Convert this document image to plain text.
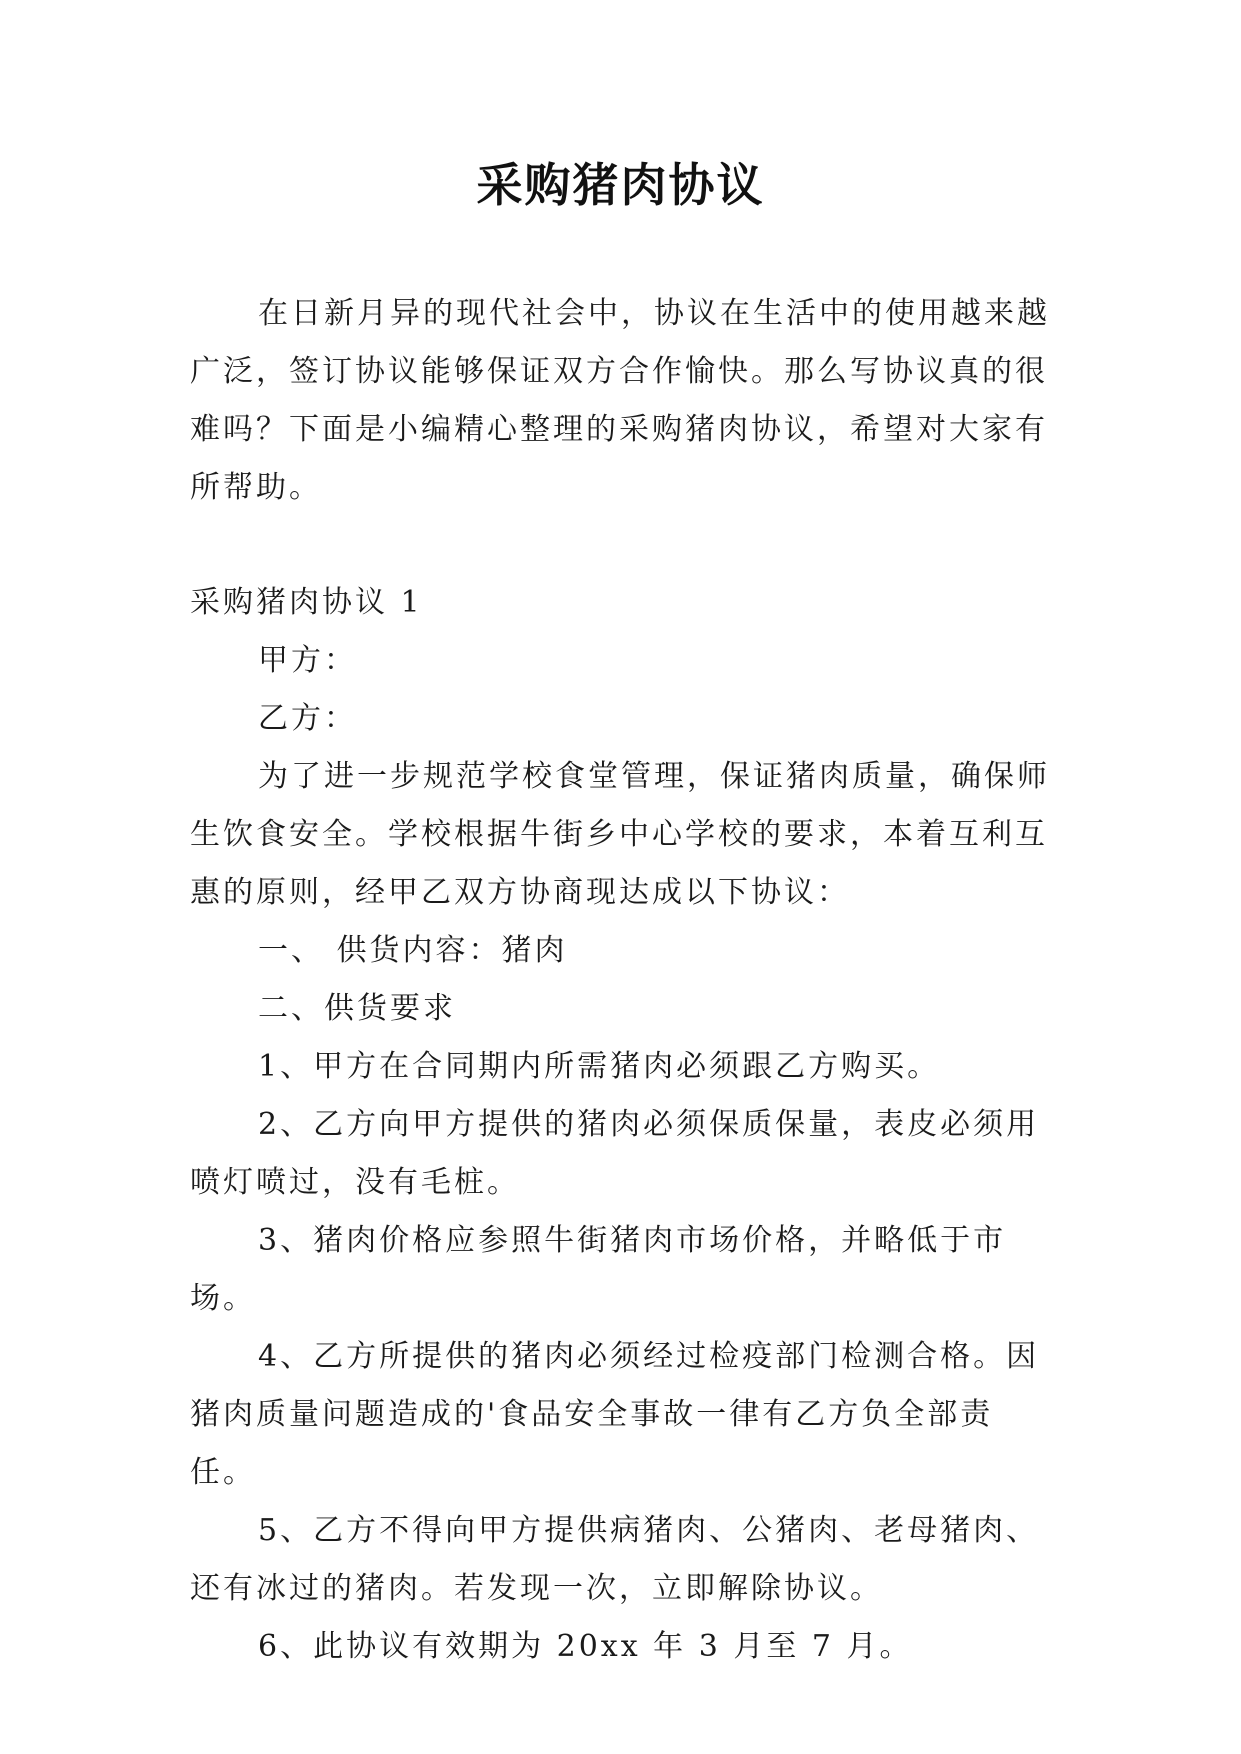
采购猪肉协议

在日新月异的现代社会中，协议在生活中的使用越来越广泛，签订协议能够保证双方合作愉快。那么写协议真的很难吗？下面是小编精心整理的采购猪肉协议，希望对大家有所帮助。

采购猪肉协议 1

甲方：

乙方：

为了进一步规范学校食堂管理，保证猪肉质量，确保师生饮食安全。学校根据牛街乡中心学校的要求，本着互利互惠的原则，经甲乙双方协商现达成以下协议：

一、 供货内容：猪肉

二、供货要求

1、甲方在合同期内所需猪肉必须跟乙方购买。

2、乙方向甲方提供的猪肉必须保质保量，表皮必须用喷灯喷过，没有毛桩。

3、猪肉价格应参照牛街猪肉市场价格，并略低于市场。

4、乙方所提供的猪肉必须经过检疫部门检测合格。因猪肉质量问题造成的'食品安全事故一律有乙方负全部责任。

5、乙方不得向甲方提供病猪肉、公猪肉、老母猪肉、还有冰过的猪肉。若发现一次，立即解除协议。

6、此协议有效期为 20xx 年 3 月至 7 月。
